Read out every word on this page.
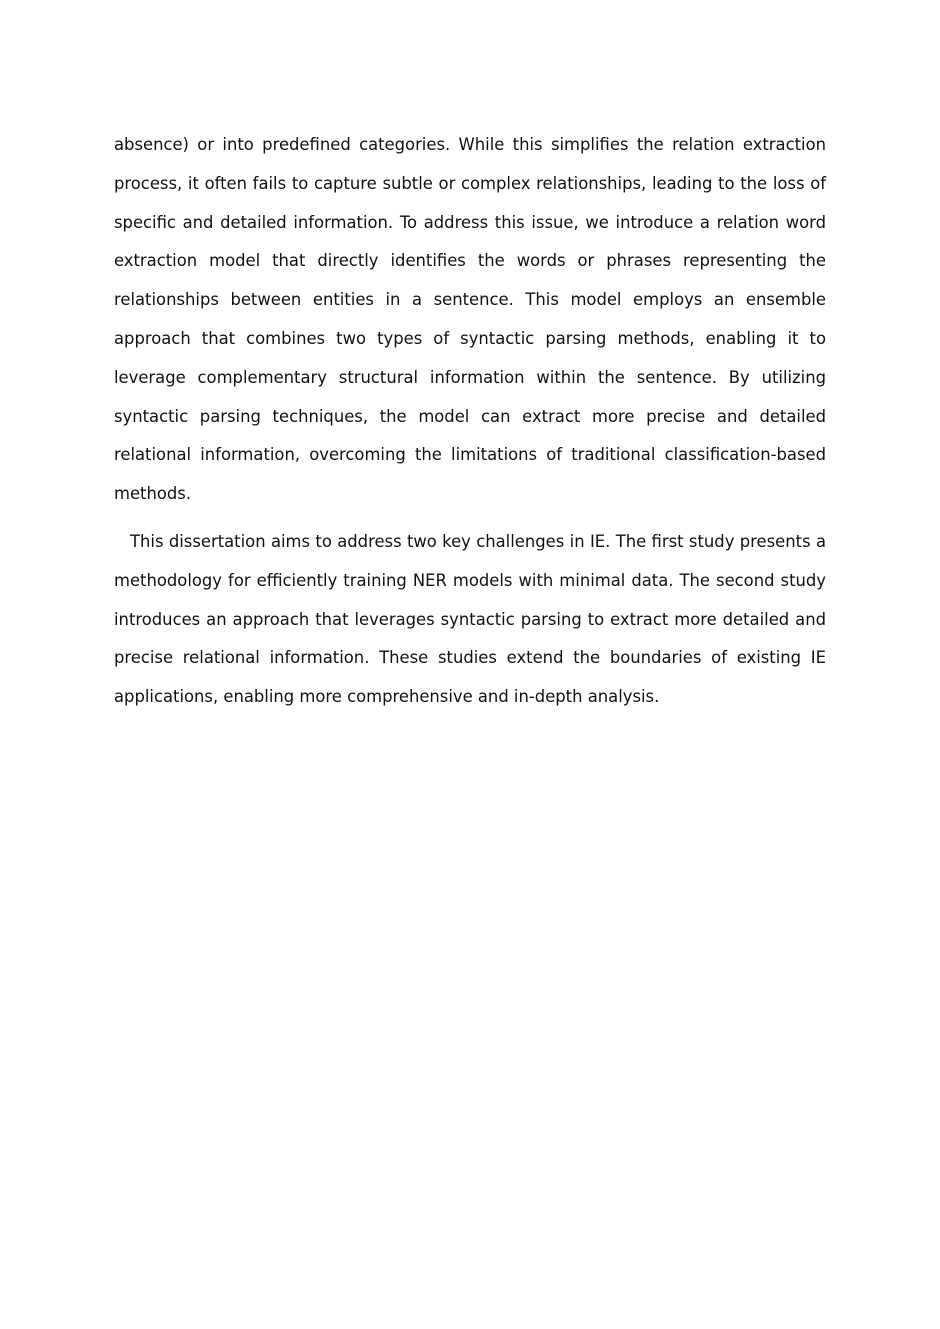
absence) or into predefined categories. While this simplifies the relation extraction process, it often fails to capture subtle or complex relationships, leading to the loss of specific and detailed information. To address this issue, we introduce a relation word extraction model that directly identifies the words or phrases representing the relationships between entities in a sentence. This model employs an ensemble approach that combines two types of syntactic parsing methods, enabling it to leverage complementary structural information within the sentence. By utilizing syntactic parsing techniques, the model can extract more precise and detailed relational information, overcoming the limitations of traditional classification-based methods.

This dissertation aims to address two key challenges in IE. The first study presents a methodology for efficiently training NER models with minimal data. The second study introduces an approach that leverages syntactic parsing to extract more detailed and precise relational information. These studies extend the boundaries of existing IE applications, enabling more comprehensive and in-depth analysis.
